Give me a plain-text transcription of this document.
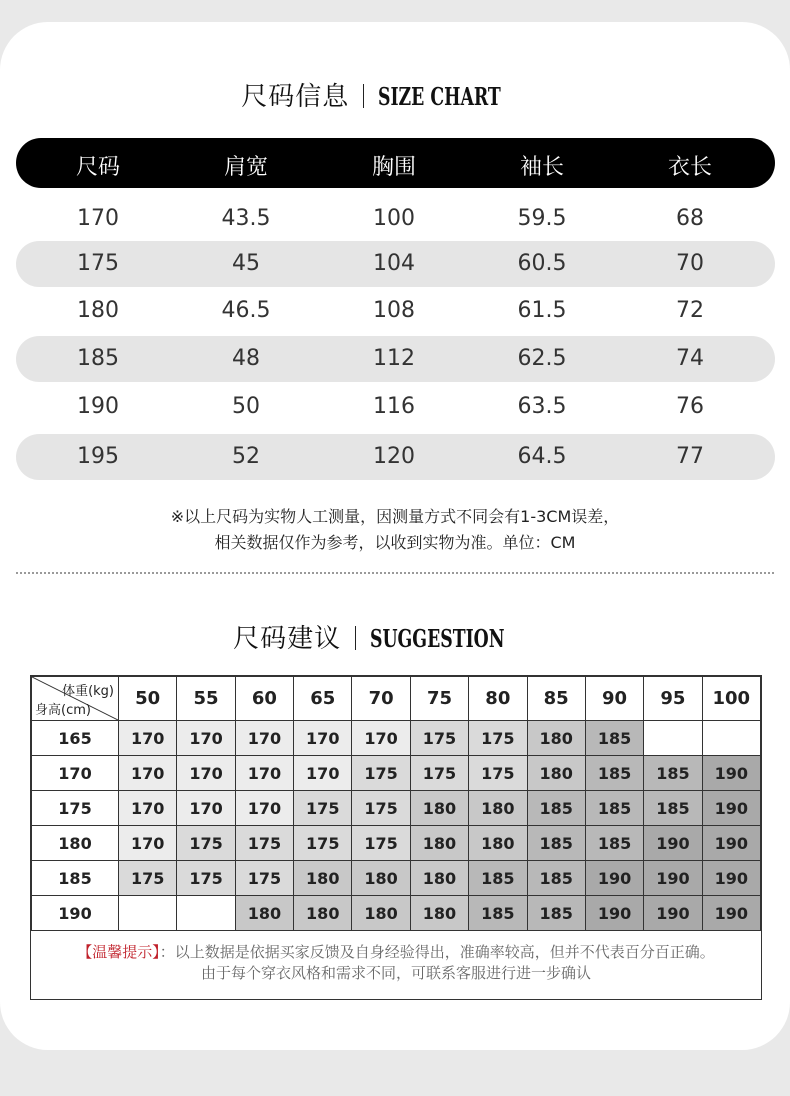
尺码信息 SIZE CHART
尺码	肩宽	胸围	袖长	衣长
170	43.5	100	59.5	68
175	45	104	60.5	70
180	46.5	108	61.5	72
185	48	112	62.5	74
190	50	116	63.5	76
195	52	120	64.5	77
※以上尺码为实物人工测量，因测量方式不同会有1-3CM误差，
相关数据仅作为参考，以收到实物为准。单位：CM
尺码建议 SUGGESTION
体重(kg)
身高(cm)	50	55	60	65	70	75	80	85	90	95	100
165	170	170	170	170	170	175	175	180	185		
170	170	170	170	170	175	175	175	180	185	185	190
175	170	170	170	175	175	180	180	185	185	185	190
180	170	175	175	175	175	180	180	185	185	190	190
185	175	175	175	180	180	180	185	185	190	190	190
190			180	180	180	180	185	185	190	190	190
【温馨提示】：以上数据是依据买家反馈及自身经验得出，准确率较高，但并不代表百分百正确。
由于每个穿衣风格和需求不同，可联系客服进行进一步确认
